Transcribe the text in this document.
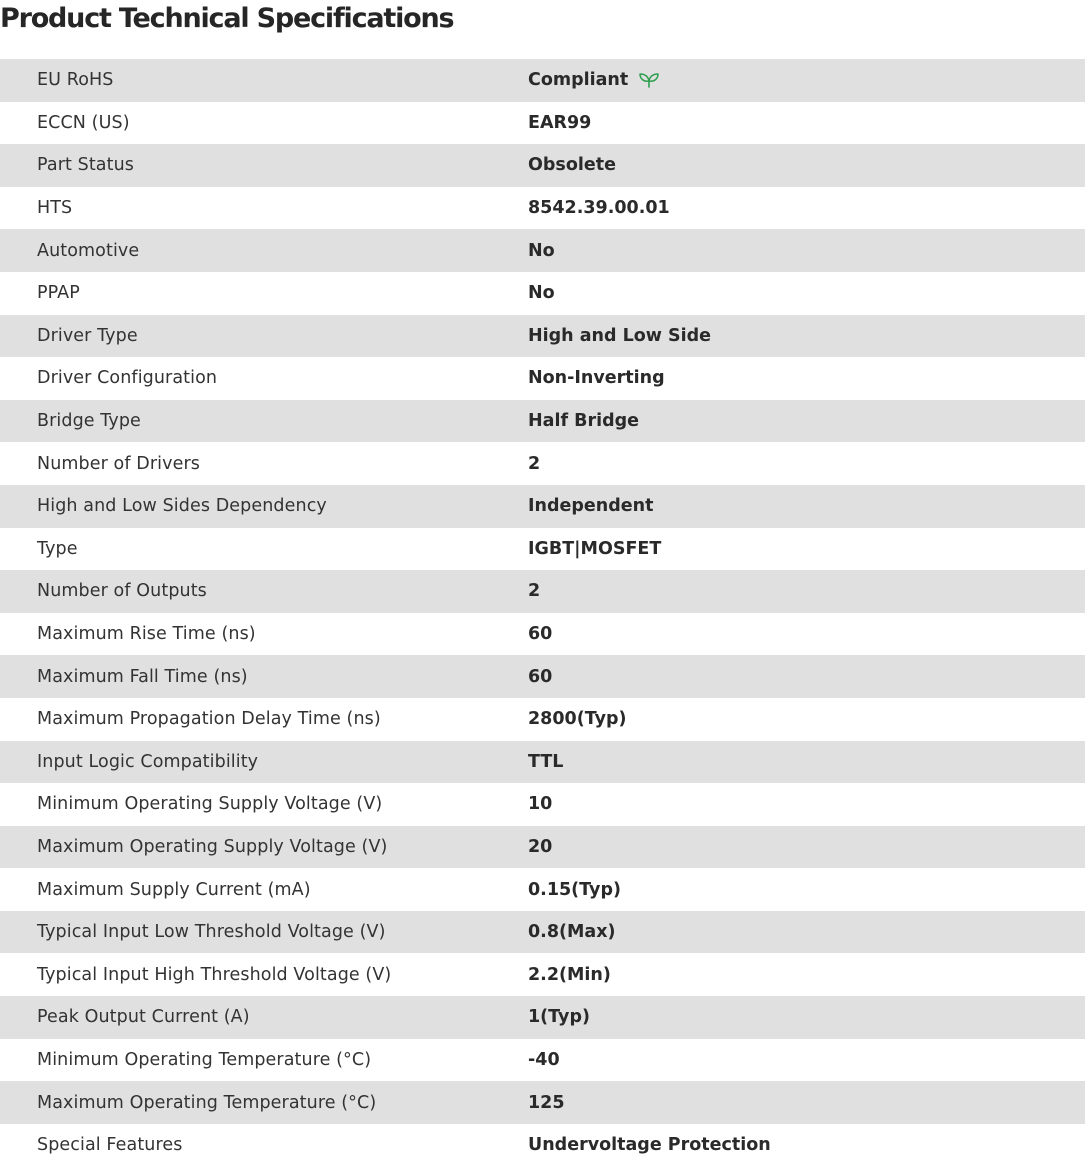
Product Technical Specifications
EU RoHS	Compliant
ECCN (US)	EAR99
Part Status	Obsolete
HTS	8542.39.00.01
Automotive	No
PPAP	No
Driver Type	High and Low Side
Driver Configuration	Non-Inverting
Bridge Type	Half Bridge
Number of Drivers	2
High and Low Sides Dependency	Independent
Type	IGBT|MOSFET
Number of Outputs	2
Maximum Rise Time (ns)	60
Maximum Fall Time (ns)	60
Maximum Propagation Delay Time (ns)	2800(Typ)
Input Logic Compatibility	TTL
Minimum Operating Supply Voltage (V)	10
Maximum Operating Supply Voltage (V)	20
Maximum Supply Current (mA)	0.15(Typ)
Typical Input Low Threshold Voltage (V)	0.8(Max)
Typical Input High Threshold Voltage (V)	2.2(Min)
Peak Output Current (A)	1(Typ)
Minimum Operating Temperature (°C)	-40
Maximum Operating Temperature (°C)	125
Special Features	Undervoltage Protection
